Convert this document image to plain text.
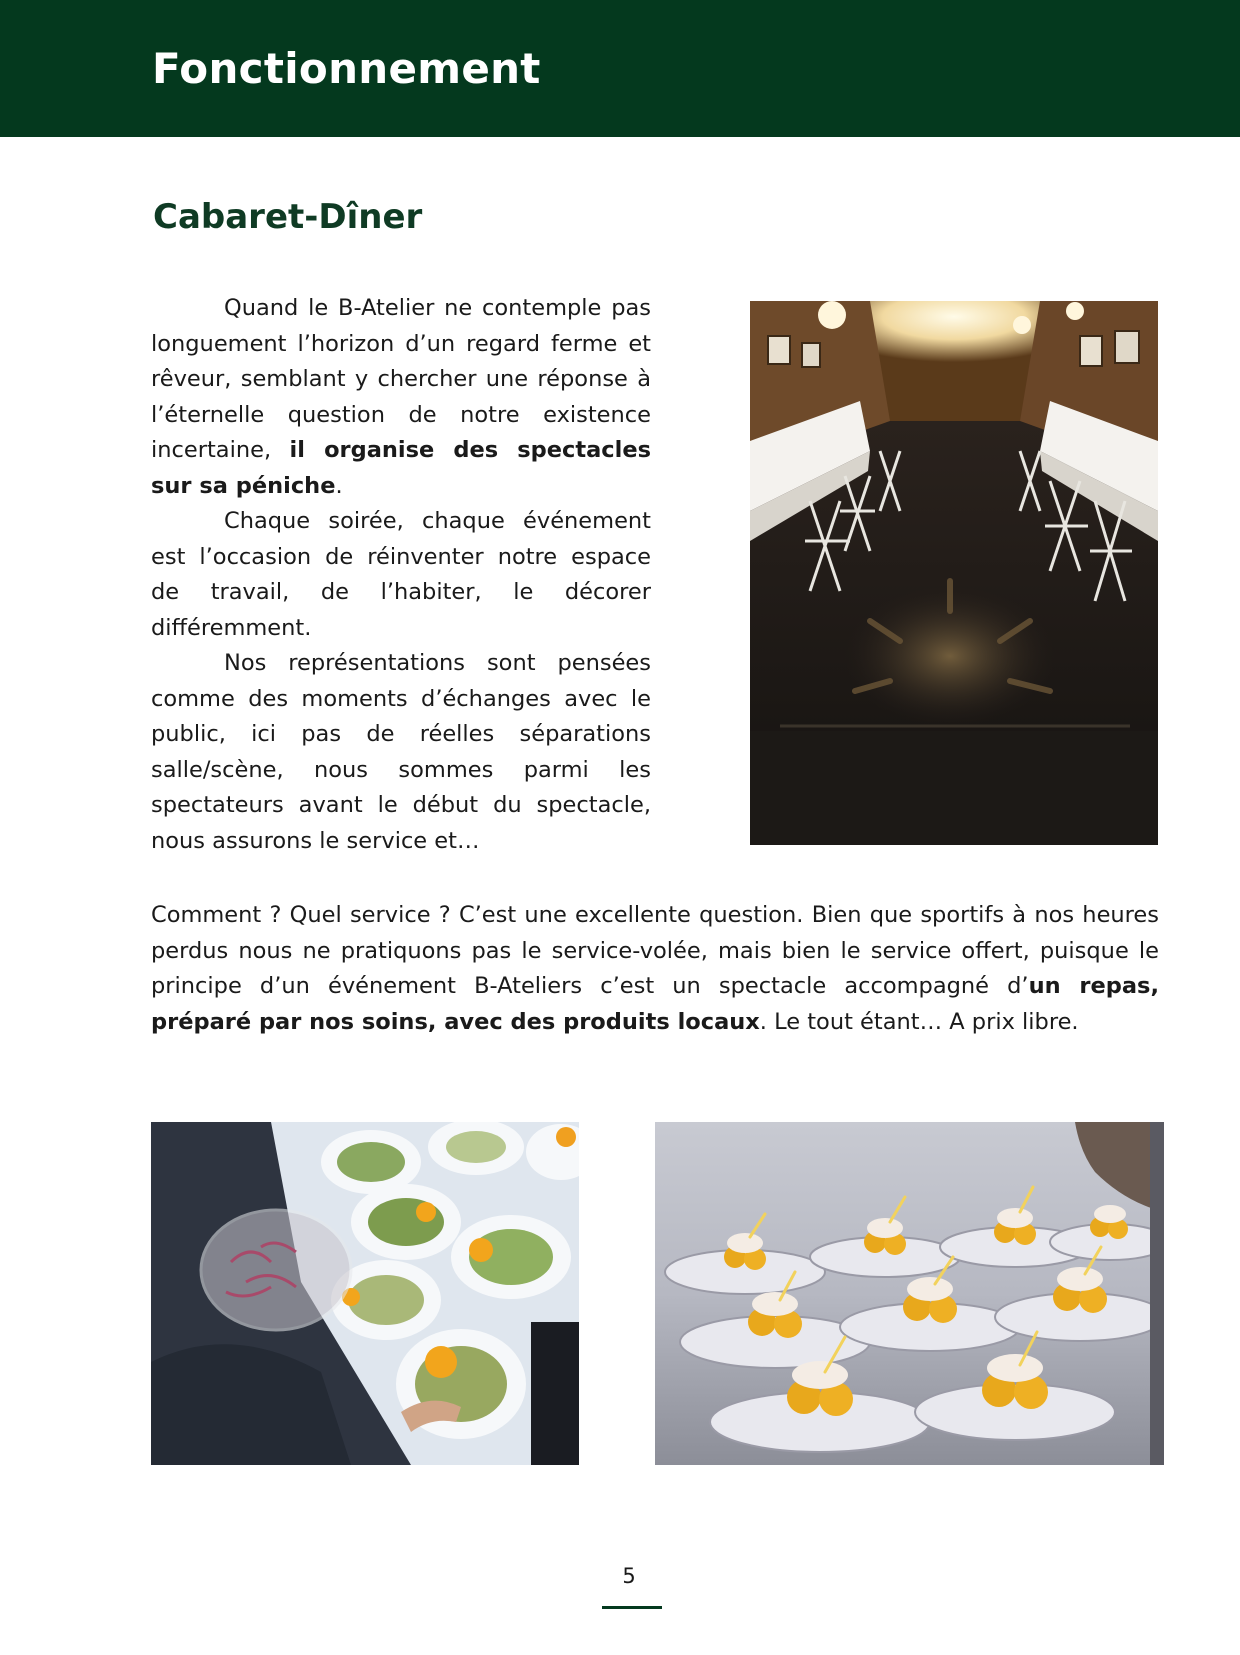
Fonctionnement
Cabaret-Dîner

Quand le B-Atelier ne contemple pas longuement l’horizon d’un regard ferme et rêveur, semblant y chercher une réponse à l’éternelle question de notre existence incertaine, il organise des spectacles sur sa péniche.

Chaque soirée, chaque événement est l’occasion de réinventer notre espace de travail, de l’habiter, le décorer différemment.

Nos représentations sont pensées comme des moments d’échanges avec le public, ici pas de réelles séparations salle/scène, nous sommes parmi les spectateurs avant le début du spectacle, nous assurons le service et…

Comment ? Quel service ? C’est une excellente question. Bien que sportifs à nos heures perdus nous ne pratiquons pas le service-volée, mais bien le service offert, puisque le principe d’un événement B-Ateliers c’est un spectacle accompagné d’un repas, préparé par nos soins, avec des produits locaux. Le tout étant… A prix libre.
5
